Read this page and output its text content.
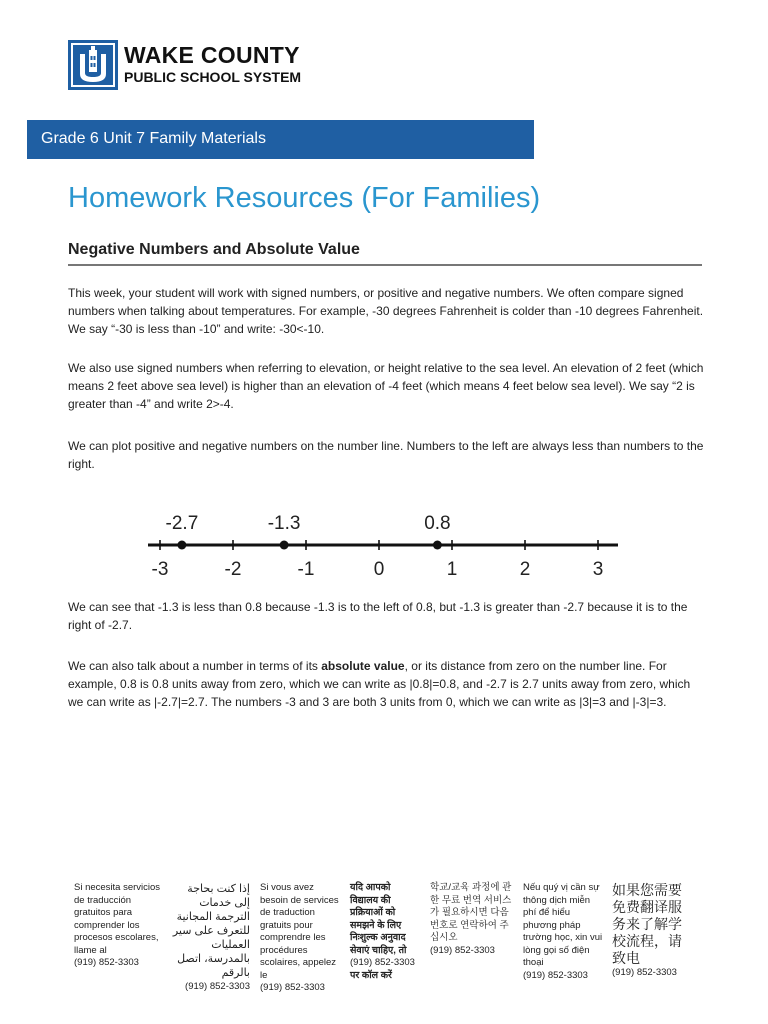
WAKE COUNTY
PUBLIC SCHOOL SYSTEM
Grade 6 Unit 7 Family Materials
Homework Resources (For Families)
Negative Numbers and Absolute Value
This week, your student will work with signed numbers, or positive and negative numbers. We often compare signed numbers when talking about temperatures. For example, -30 degrees Fahrenheit is colder than -10 degrees Fahrenheit. We say “-30 is less than -10” and write: -30<-10.
We also use signed numbers when referring to elevation, or height relative to the sea level. An elevation of 2 feet (which means 2 feet above sea level) is higher than an elevation of -4 feet (which means 4 feet below sea level). We say “2 is greater than -4” and write 2>-4.
We can plot positive and negative numbers on the number line. Numbers to the left are always less than numbers to the right.
-3	-2	-1	0	1	2	3
-2.7	-1.3	0.8
We can see that -1.3 is less than 0.8 because -1.3 is to the left of 0.8, but -1.3 is greater than -2.7 because it is to the right of -2.7.
We can also talk about a number in terms of its absolute value, or its distance from zero on the number line. For example, 0.8 is 0.8 units away from zero, which we can write as |0.8|=0.8, and -2.7 is 2.7 units away from zero, which we can write as |-2.7|=2.7. The numbers -3 and 3 are both 3 units from 0, which we can write as |3|=3 and |-3|=3.
Si necesita servicios de traducción gratuitos para comprender los procesos escolares, llame al
(919) 852-3303
إذا كنت بحاجة إلى خدمات الترجمة المجانية للتعرف على سير العمليات بالمدرسة، اتصل بالرقم
(919) 852-3303
Si vous avez besoin de services de traduction gratuits pour comprendre les procédures scolaires, appelez le
(919) 852-3303
यदि आपको विद्यालय की प्रक्रियाओं को समझने के लिए निःशुल्क अनुवाद सेवाएं चाहिए, तो
(919) 852-3303
पर कॉल करें
학교/교육 과정에 관한 무료 번역 서비스가 필요하시면 다음 번호로 연락하여 주십시오
(919) 852-3303
Nếu quý vị cần sự thông dịch miễn phí để hiểu phương pháp trường học, xin vui lòng gọi số điện thoại
(919) 852-3303
如果您需要免费翻译服务来了解学校流程，请致电
(919) 852-3303
